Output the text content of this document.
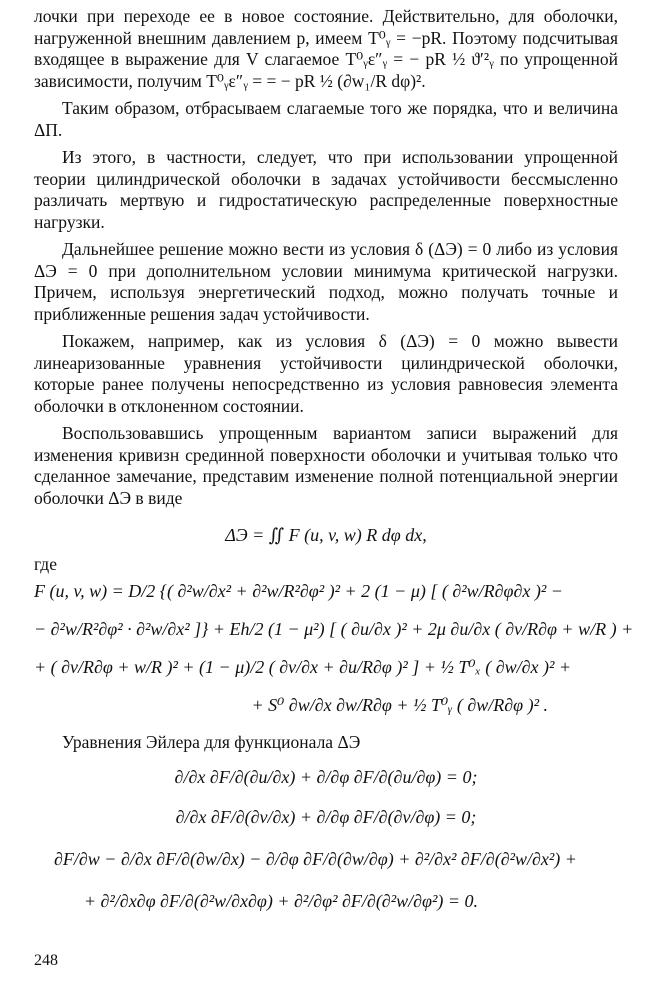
лочки при переходе ее в новое состояние. Действительно, для оболочки, нагруженной внешним давлением p, имеем T⁰ᵧ = −pR. Поэтому подсчитывая входящее в выражение для V слагаемое T⁰ᵧε″ᵧ = − pR ½ ϑ′²ᵧ по упрощенной зависимости, получим T⁰ᵧε″ᵧ = = − pR ½ (∂w₁/R dφ)².

Таким образом, отбрасываем слагаемые того же порядка, что и величина ΔΠ.

Из этого, в частности, следует, что при использовании упрощенной теории цилиндрической оболочки в задачах устойчивости бессмысленно различать мертвую и гидростатическую распределенные поверхностные нагрузки.

Дальнейшее решение можно вести из условия δ (ΔЭ) = 0 либо из условия ΔЭ = 0 при дополнительном условии минимума критической нагрузки. Причем, используя энергетический подход, можно получать точные и приближенные решения задач устойчивости.

Покажем, например, как из условия δ (ΔЭ) = 0 можно вывести линеаризованные уравнения устойчивости цилиндрической оболочки, которые ранее получены непосредственно из условия равновесия элемента оболочки в отклоненном состоянии.

Воспользовавшись упрощенным вариантом записи выражений для изменения кривизн срединной поверхности оболочки и учитывая только что сделанное замечание, представим изменение полной потенциальной энергии оболочки ΔЭ в виде

ΔЭ = ∬ F (u, v, w) R dφ dx,
где
F (u, v, w) = D/2 {( ∂²w/∂x² + ∂²w/R²∂φ² )² + 2 (1 − μ) [ ( ∂²w/R∂φ∂x )² −
− ∂²w/R²∂φ² · ∂²w/∂x² ]} + Eh/2 (1 − μ²) [ ( ∂u/∂x )² + 2μ ∂u/∂x ( ∂v/R∂φ + w/R ) +
+ ( ∂v/R∂φ + w/R )² + (1 − μ)/2 ( ∂v/∂x + ∂u/R∂φ )² ] + ½ T⁰ₓ ( ∂w/∂x )² +
+ S⁰ ∂w/∂x ∂w/R∂φ + ½ T⁰ᵧ ( ∂w/R∂φ )² .
Уравнения Эйлера для функционала ΔЭ
∂/∂x ∂F/∂(∂u/∂x) + ∂/∂φ ∂F/∂(∂u/∂φ) = 0;
∂/∂x ∂F/∂(∂v/∂x) + ∂/∂φ ∂F/∂(∂v/∂φ) = 0;
∂F/∂w − ∂/∂x ∂F/∂(∂w/∂x) − ∂/∂φ ∂F/∂(∂w/∂φ) + ∂²/∂x² ∂F/∂(∂²w/∂x²) +
+ ∂²/∂x∂φ ∂F/∂(∂²w/∂x∂φ) + ∂²/∂φ² ∂F/∂(∂²w/∂φ²) = 0.
248
